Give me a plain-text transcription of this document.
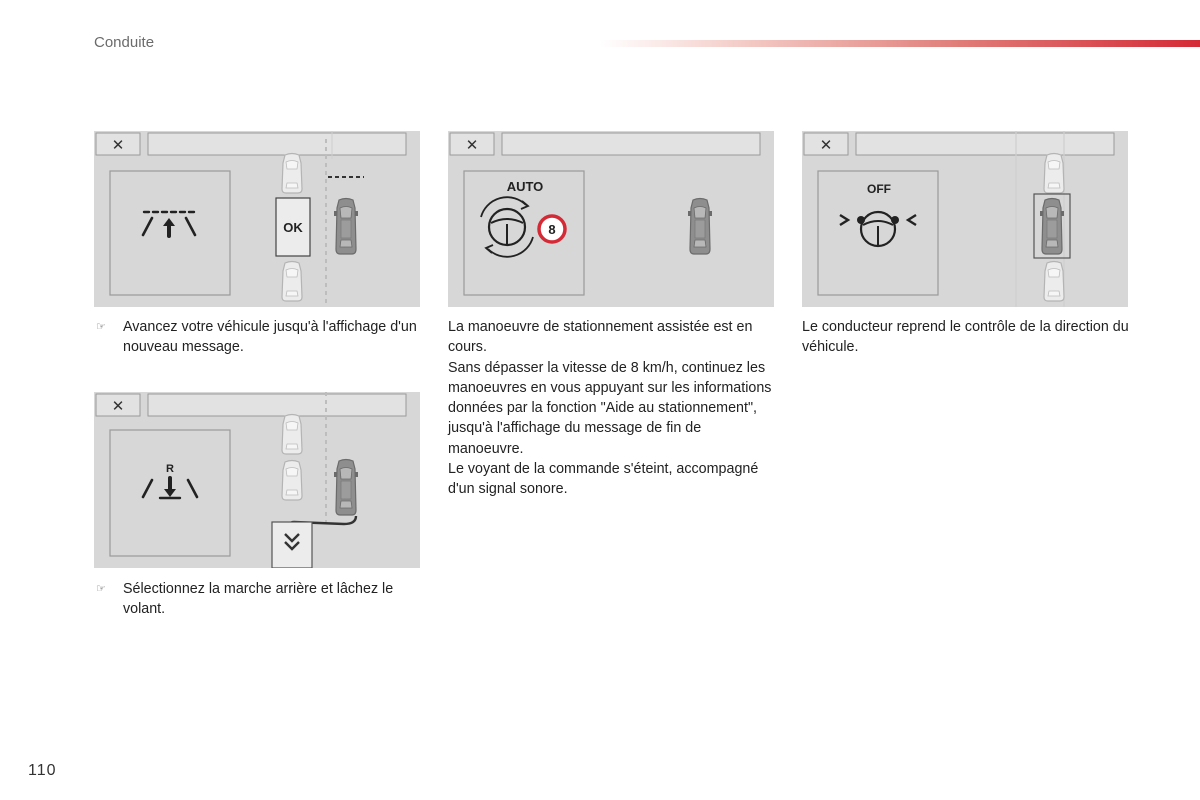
Conduite
✕
OK
☞ Avancez votre véhicule jusqu'à l'affichage d'un nouveau message.
✕
AUTO
8

La manoeuvre de stationnement assistée est en cours.

Sans dépasser la vitesse de 8 km/h, continuez les manoeuvres en vous appuyant sur les informations données par la fonction "Aide au stationnement", jusqu'à l'affichage du message de fin de manoeuvre.

Le voyant de la commande s'éteint, accompagné d'un signal sonore.

✕
OFF

Le conducteur reprend le contrôle de la direction du véhicule.

✕
R
☞ Sélectionnez la marche arrière et lâchez le volant.
110
